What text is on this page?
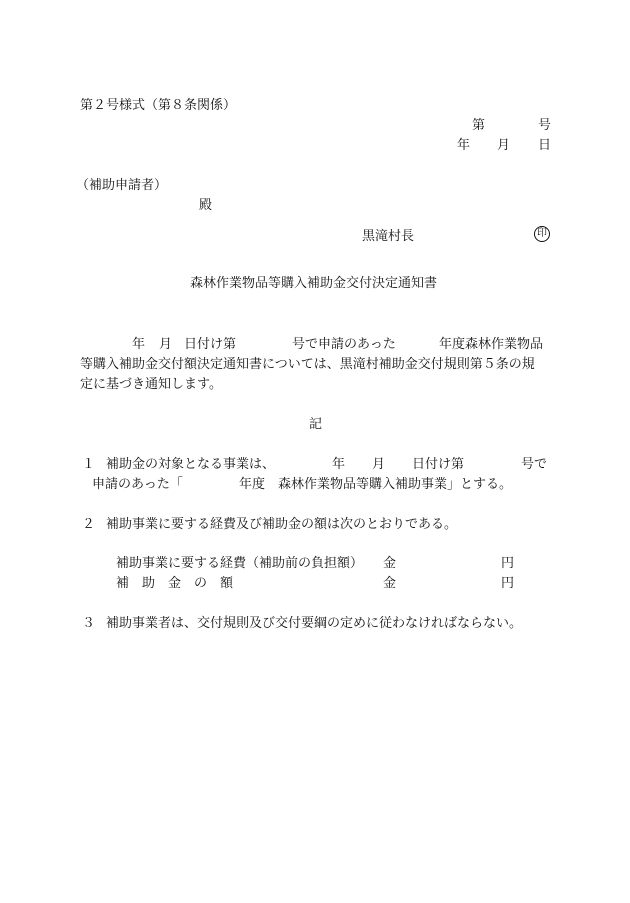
第２号様式（第８条関係）
第	号
年 月 日
（補助申請者）
殿
黒滝村長	印
森林作業物品等購入補助金交付決定通知書
年 月 日付け第	号で申請のあった	年度森林作業物品
等購入補助金交付額決定通知書については、黒滝村補助金交付規則第５条の規
定に基づき通知します。
記
１ 補助金の対象となる事業は、	年 月 日付け第	号で
申請のあった「	年度　森林作業物品等購入補助事業」とする。
２ 補助事業に要する経費及び補助金の額は次のとおりである。
補助事業に要する経費（補助前の負担額） 金	円
補　助　金　の　額	金	円
３ 補助事業者は、交付規則及び交付要綱の定めに従わなければならない。
